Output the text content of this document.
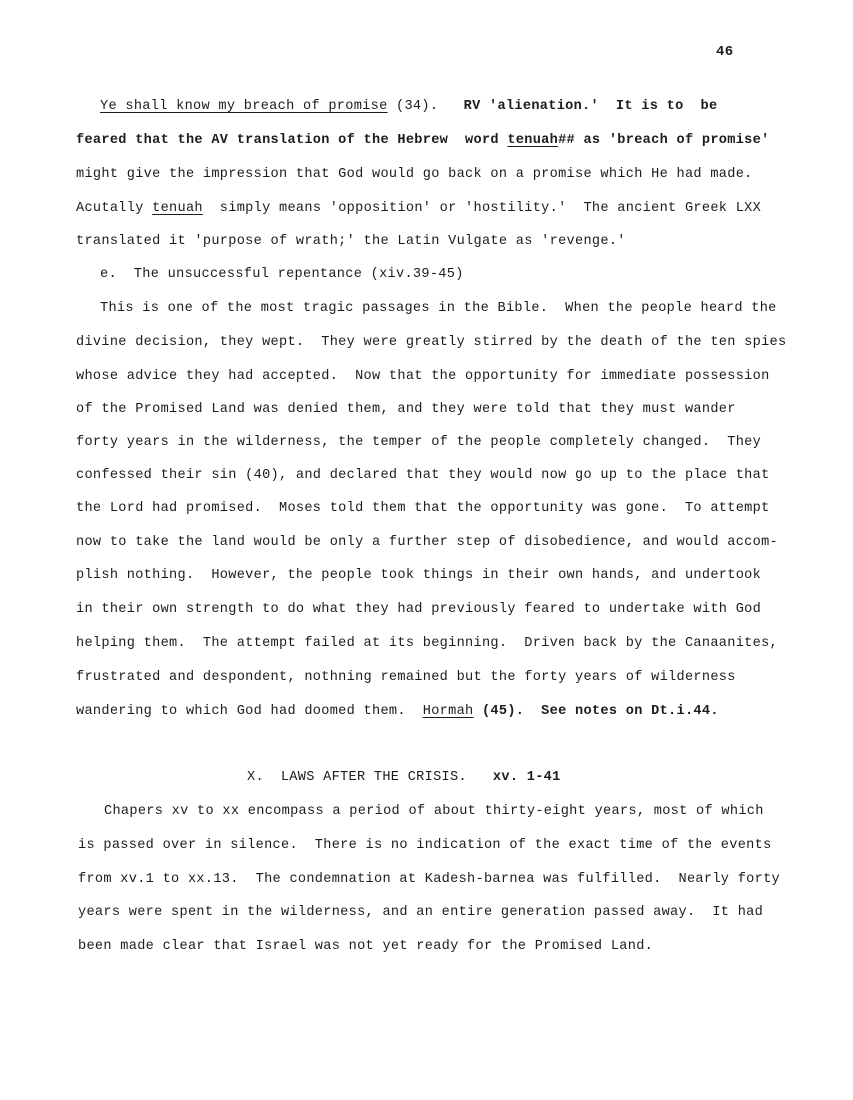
46
Ye shall know my breach of promise (34).   RV 'alienation.'  It is to  be
feared that the AV translation of the Hebrew  word tenuah## as 'breach of promise'
might give the impression that God would go back on a promise which He had made.
Acutally tenuah  simply means 'opposition' or 'hostility.'  The ancient Greek LXX
translated it 'purpose of wrath;' the Latin Vulgate as 'revenge.'
e.  The unsuccessful repentance (xiv.39-45)
This is one of the most tragic passages in the Bible.  When the people heard the
divine decision, they wept.  They were greatly stirred by the death of the ten spies
whose advice they had accepted.  Now that the opportunity for immediate possession
of the Promised Land was denied them, and they were told that they must wander
forty years in the wilderness, the temper of the people completely changed.  They
confessed their sin (40), and declared that they would now go up to the place that
the Lord had promised.  Moses told them that the opportunity was gone.  To attempt
now to take the land would be only a further step of disobedience, and would accom-
plish nothing.  However, the people took things in their own hands, and undertook
in their own strength to do what they had previously feared to undertake with God
helping them.  The attempt failed at its beginning.  Driven back by the Canaanites,
frustrated and despondent, nothning remained but the forty years of wilderness
wandering to which God had doomed them.  Hormah (45).  See notes on Dt.i.44.
X.  LAWS AFTER THE CRISIS. xv. 1-41
Chapers xv to xx encompass a period of about thirty-eight years, most of which
is passed over in silence.  There is no indication of the exact time of the events
from xv.1 to xx.13.  The condemnation at Kadesh-barnea was fulfilled.  Nearly forty
years were spent in the wilderness, and an entire generation passed away.  It had
been made clear that Israel was not yet ready for the Promised Land.
